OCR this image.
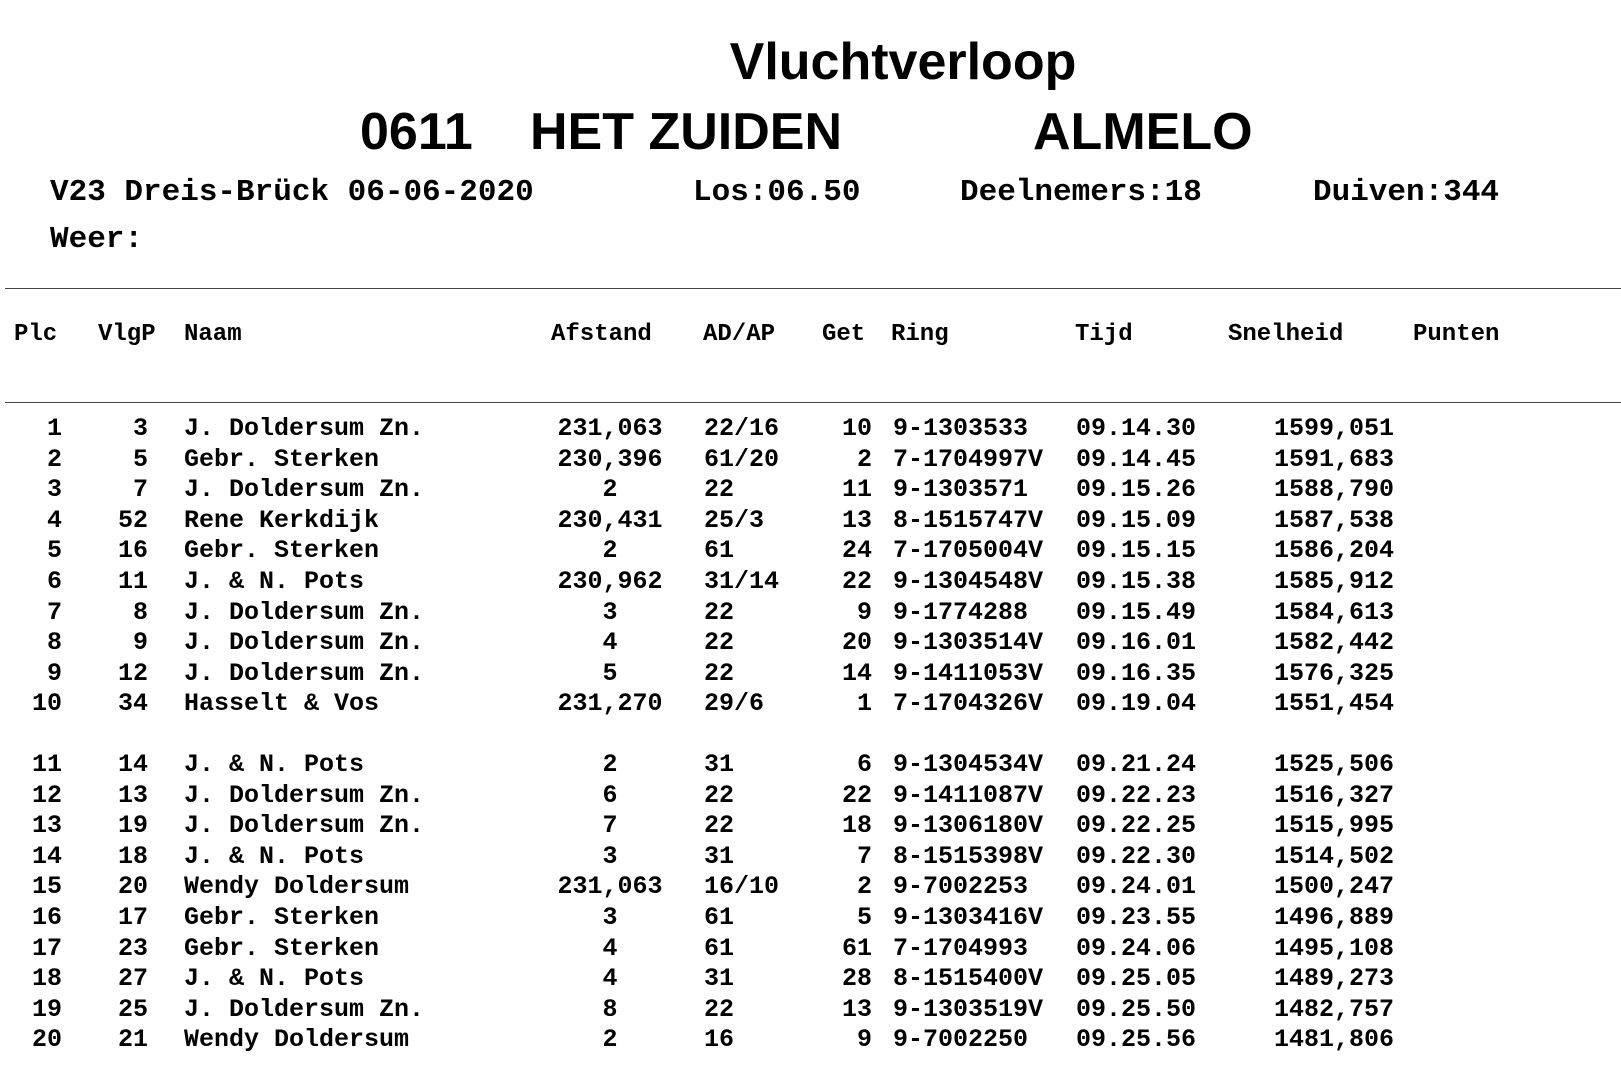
Vluchtverloop
0611 HET ZUIDEN	ALMELO
V23 Dreis-Brück 06-06-2020	Los:06.50	Deelnemers:18	Duiven:344
Weer:
Plc VlgP Naam	Afstand AD/AP Get Ring	Tijd	Snelheid	Punten
1	3 J. Doldersum Zn.	231,063	22/16	10 9-1303533 09.14.30	1599,051
2	5 Gebr. Sterken	230,396	61/20	2 7-1704997V 09.14.45	1591,683
3	7 J. Doldersum Zn.	2	22	11 9-1303571 09.15.26	1588,790
4	52 Rene Kerkdijk	230,431	25/3	13 8-1515747V 09.15.09	1587,538
5	16 Gebr. Sterken	2	61	24 7-1705004V 09.15.15	1586,204
6	11 J. & N. Pots	230,962	31/14	22 9-1304548V 09.15.38	1585,912
7	8 J. Doldersum Zn.	3	22	9 9-1774288 09.15.49	1584,613
8	9 J. Doldersum Zn.	4	22	20 9-1303514V 09.16.01	1582,442
9	12 J. Doldersum Zn.	5	22	14 9-1411053V 09.16.35	1576,325
10	34 Hasselt & Vos	231,270	29/6	1 7-1704326V 09.19.04	1551,454
11	14 J. & N. Pots	2	31	6 9-1304534V 09.21.24	1525,506
12	13 J. Doldersum Zn.	6	22	22 9-1411087V 09.22.23	1516,327
13	19 J. Doldersum Zn.	7	22	18 9-1306180V 09.22.25	1515,995
14	18 J. & N. Pots	3	31	7 8-1515398V 09.22.30	1514,502
15	20 Wendy Doldersum	231,063	16/10	2 9-7002253 09.24.01	1500,247
16	17 Gebr. Sterken	3	61	5 9-1303416V 09.23.55	1496,889
17	23 Gebr. Sterken	4	61	61 7-1704993 09.24.06	1495,108
18	27 J. & N. Pots	4	31	28 8-1515400V 09.25.05	1489,273
19	25 J. Doldersum Zn.	8	22	13 9-1303519V 09.25.50	1482,757
20	21 Wendy Doldersum	2	16	9 9-7002250 09.25.56	1481,806
